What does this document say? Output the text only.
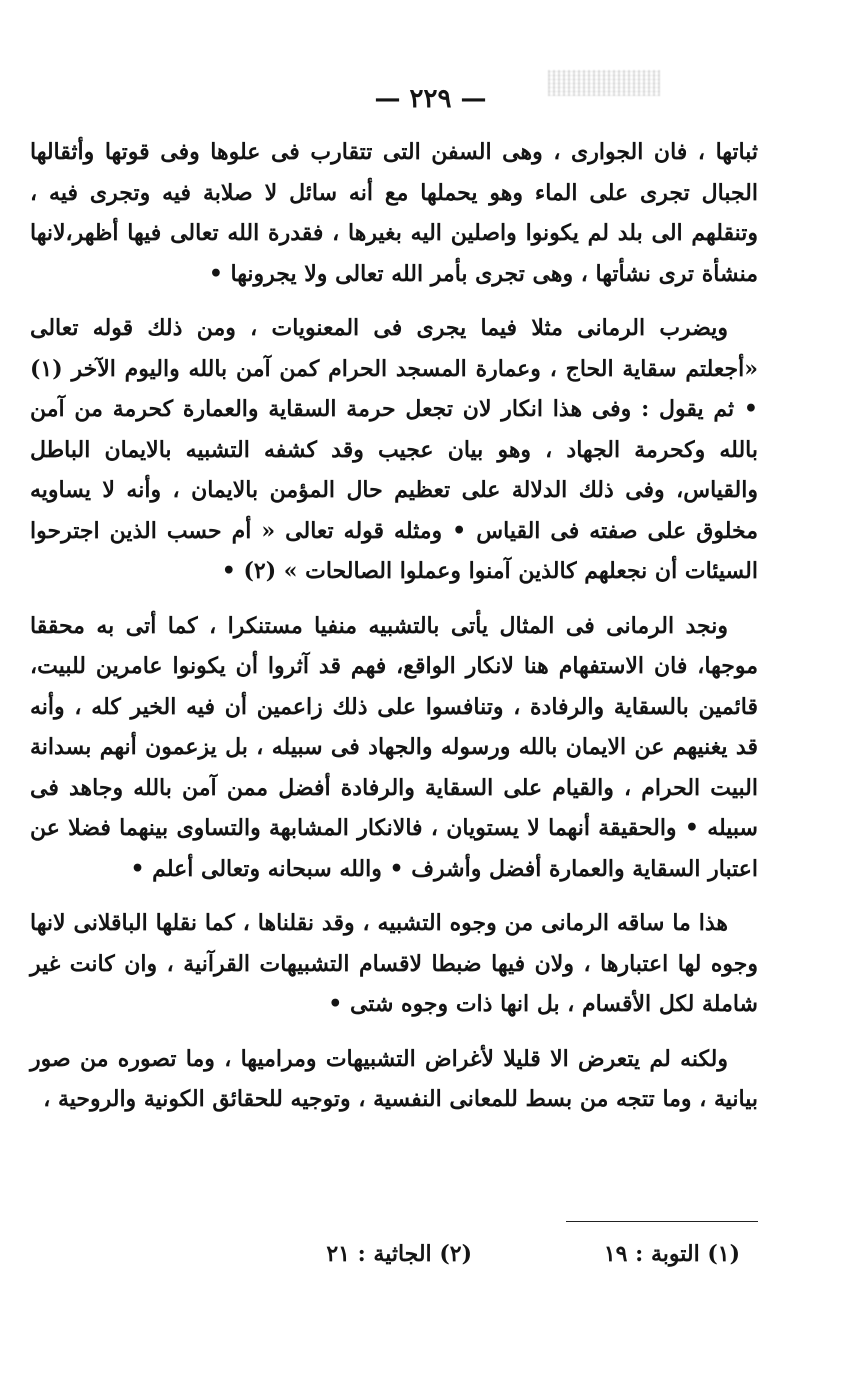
— ٢٢٩ —

ثباتها ، فان الجوارى ، وهى السفن التى تتقارب فى علوها وفى قوتها وأثقالها الجبال تجرى على الماء وهو يحملها مع أنه سائل لا صلابة فيه وتجرى فيه ، وتنقلهم الى بلد لم يكونوا واصلين اليه بغيرها ، فقدرة الله تعالى فيها أظهر،لانها منشأة ترى نشأتها ، وهى تجرى بأمر الله تعالى ولا يجرونها •

ويضرب الرمانى مثلا فيما يجرى فى المعنويات ، ومن ذلك قوله تعالى «أجعلتم سقاية الحاج ، وعمارة المسجد الحرام كمن آمن بالله واليوم الآخر (١) • ثم يقول : وفى هذا انكار لان تجعل حرمة السقاية والعمارة كحرمة من آمن بالله وكحرمة الجهاد ، وهو بيان عجيب وقد كشفه التشبيه بالايمان الباطل والقياس، وفى ذلك الدلالة على تعظيم حال المؤمن بالايمان ، وأنه لا يساويه مخلوق على صفته فى القياس • ومثله قوله تعالى « أم حسب الذين اجترحوا السيئات أن نجعلهم كالذين آمنوا وعملوا الصالحات » (٢) •

ونجد الرمانى فى المثال يأتى بالتشبيه منفيا مستنكرا ، كما أتى به محققا موجها، فان الاستفهام هنا لانكار الواقع، فهم قد آثروا أن يكونوا عامرين للبيت، قائمين بالسقاية والرفادة ، وتنافسوا على ذلك زاعمين أن فيه الخير كله ، وأنه قد يغنيهم عن الايمان بالله ورسوله والجهاد فى سبيله ، بل يزعمون أنهم بسدانة البيت الحرام ، والقيام على السقاية والرفادة أفضل ممن آمن بالله وجاهد فى سبيله • والحقيقة أنهما لا يستويان ، فالانكار المشابهة والتساوى بينهما فضلا عن اعتبار السقاية والعمارة أفضل وأشرف • والله سبحانه وتعالى أعلم •

هذا ما ساقه الرمانى من وجوه التشبيه ، وقد نقلناها ، كما نقلها الباقلانى لانها وجوه لها اعتبارها ، ولان فيها ضبطا لاقسام التشبيهات القرآنية ، وان كانت غير شاملة لكل الأقسام ، بل انها ذات وجوه شتى •

ولكنه لم يتعرض الا قليلا لأغراض التشبيهات ومراميها ، وما تصوره من صور بيانية ، وما تتجه من بسط للمعانى النفسية ، وتوجيه للحقائق الكونية والروحية ،

(١) التوبة : ١٩
(٢) الجاثية : ٢١
